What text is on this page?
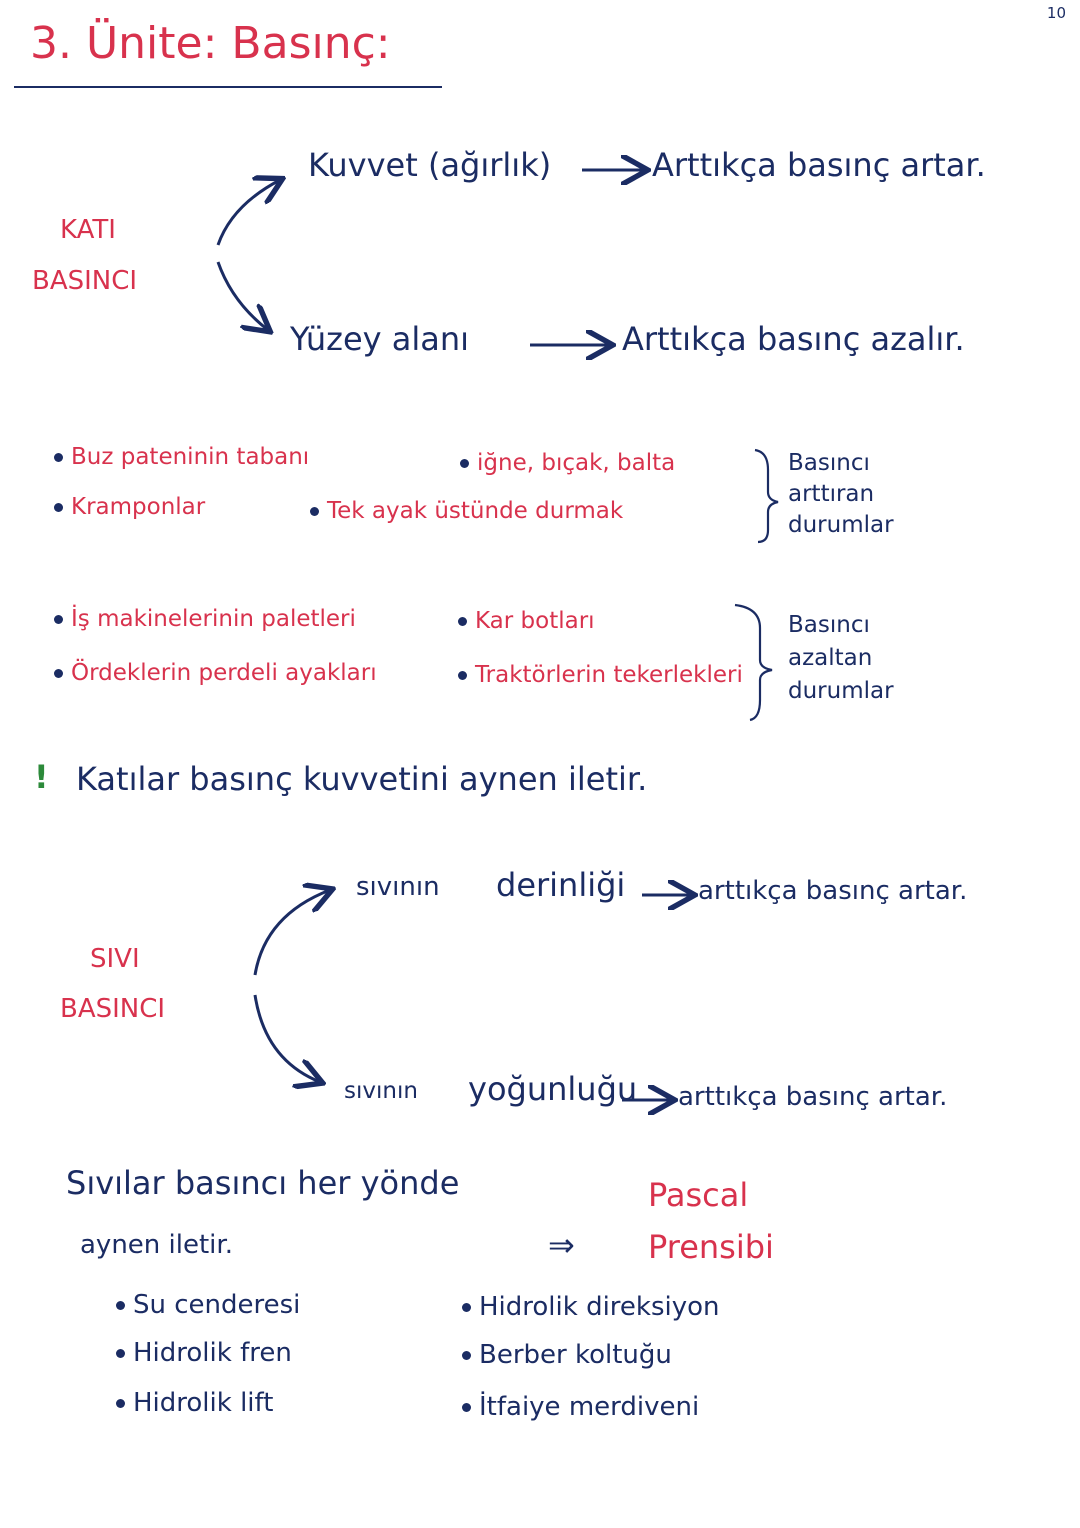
10
3. Ünite: Basınç:
KATI
BASINCI
Kuvvet (ağırlık)	Arttıkça basınç artar.
Yüzey alanı	Arttıkça basınç azalır.
Buz pateninin tabanı
Kramponlar
iğne, bıçak, balta
Tek ayak üstünde durmak
Basıncı
arttıran
durumlar
İş makinelerinin paletleri
Ördeklerin perdeli ayakları
Kar botları
Traktörlerin tekerlekleri
Basıncı
azaltan
durumlar
! Katılar basınç kuvvetini aynen iletir.
SIVI
BASINCI
sıvının derinliği	arttıkça basınç artar.
sıvının yoğunluğu arttıkça basınç artar.
Sıvılar basıncı her yönde
aynen iletir.	⇒
Pascal
Prensibi
Su cenderesi
Hidrolik fren
Hidrolik lift
Hidrolik direksiyon
Berber koltuğu
İtfaiye merdiveni
